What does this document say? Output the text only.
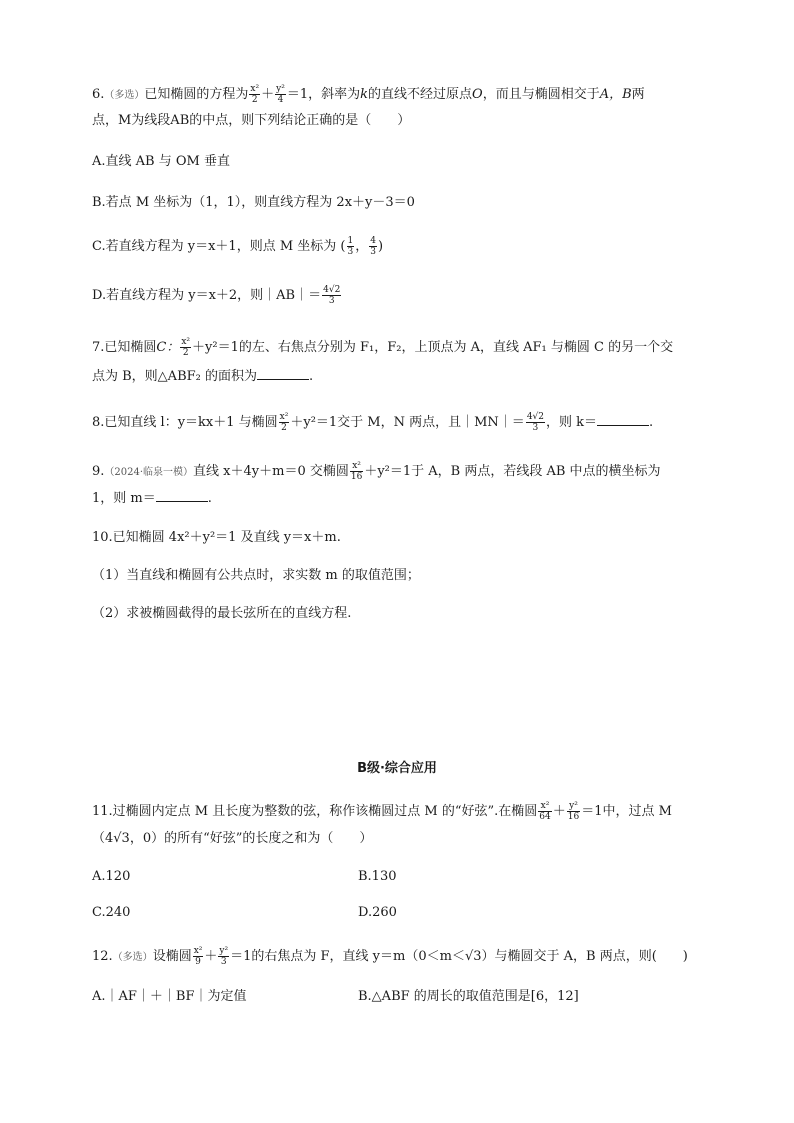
6.（多选）已知椭圆的方程为 $\frac{\text{x²}}{2} + \frac{\text{y²}}{4} =1$，斜率为k的直线不经过原点O，而且与椭圆相交于A，B两
点，M为线段AB的中点，则下列结论正确的是（　　）
A.直线 AB 与 OM 垂直
B.若点 M 坐标为（1，1），则直线方程为 2x＋y－3＝0
C.若直线方程为 y＝x＋1，则点 M 坐标为 ( $\frac{1}{3}$ ， $\frac{4}{3}$ )
D.若直线方程为 y＝x＋2，则｜AB｜＝ $\frac{4√2}{3}$
7.已知椭圆C： $\frac{\text{x²}}{2} +y^2=1$的左、右焦点分别为 F₁，F₂，上顶点为 A，直线 AF₁ 与椭圆 C 的另一个交
点为 B，则△ABF₂ 的面积为	.
8.已知直线 l：y＝kx＋1 与椭圆 $\frac{\text{x²}}{2} +y^2=1$交于 M，N 两点，且｜MN｜＝ $\frac{4√2}{3}$ ，则 k＝	.
9.（2024·临泉一模）直线 x＋4y＋m＝0 交椭圆 $\frac{\text{x²}}{16} +y^2=1$于 A，B 两点，若线段 AB 中点的横坐标为
1，则 m＝	.
10.已知椭圆 4x²＋y²＝1 及直线 y＝x＋m.
（1）当直线和椭圆有公共点时，求实数 m 的取值范围；
（2）求被椭圆截得的最长弦所在的直线方程.
B级·综合应用
11.过椭圆内定点 M 且长度为整数的弦，称作该椭圆过点 M 的“好弦”.在椭圆 $\frac{\text{x²}}{64} + \frac{\text{y²}}{16} =1$中，过点 M
（4√3，0）的所有“好弦”的长度之和为（　　）
A.120	B.130
C.240	D.260
12.（多选）设椭圆 $\frac{\text{x²}}{9} + \frac{\text{y²}}{3} =1$的右焦点为 F，直线 y＝m（0＜m＜√3）与椭圆交于 A，B 两点，则(　　)
A.｜AF｜＋｜BF｜为定值	B.△ABF 的周长的取值范围是[6，12]
